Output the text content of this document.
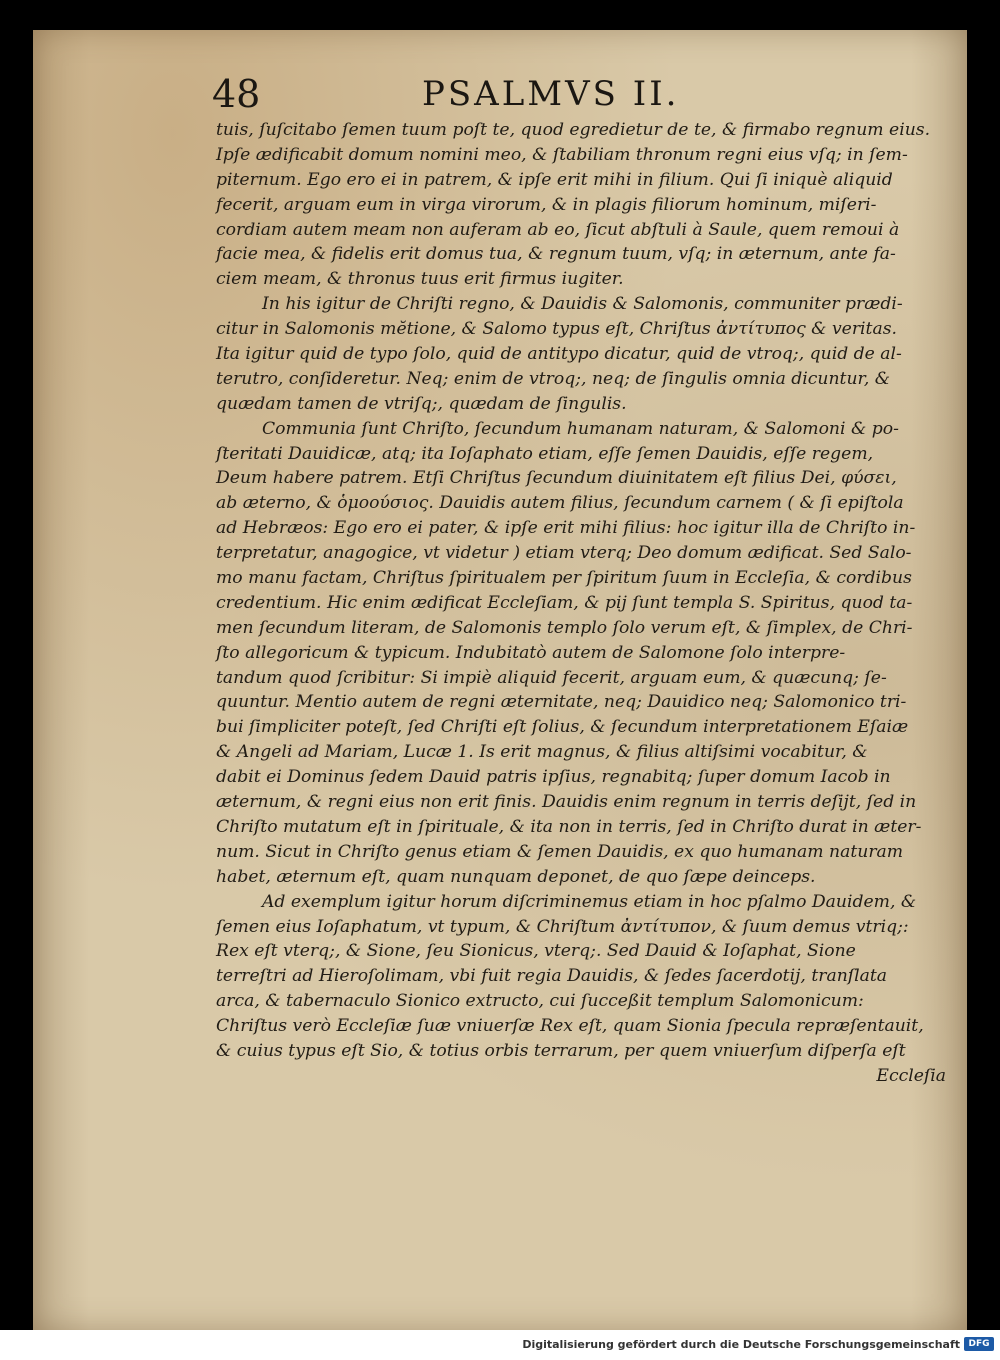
48	PSALMVS II.
tuis, ſuſcitabo ſemen tuum poſt te, quod egredietur de te, & firmabo regnum eius.
Ipſe ædificabit domum nomini meo, & ſtabiliam thronum regni eius vſq; in ſem-
piternum. Ego ero ei in patrem, & ipſe erit mihi in filium. Qui ſi iniquè aliquid
fecerit, arguam eum in virga virorum, & in plagis filiorum hominum, miſeri-
cordiam autem meam non auferam ab eo, ſicut abſtuli à Saule, quem remoui à
facie mea, & fidelis erit domus tua, & regnum tuum, vſq; in æternum, ante fa-
ciem meam, & thronus tuus erit firmus iugiter.
In his igitur de Chriſti regno, & Dauidis & Salomonis, communiter prædi-
citur in Salomonis mĕtione, & Salomo typus eſt, Chriſtus ἀντίτυπος & veritas.
Ita igitur quid de typo ſolo, quid de antitypo dicatur, quid de vtroq;, quid de al-
terutro, conſideretur. Neq; enim de vtroq;, neq; de ſingulis omnia dicuntur, &
quædam tamen de vtriſq;, quædam de ſingulis.
Communia ſunt Chriſto, ſecundum humanam naturam, & Salomoni & po-
ſteritati Dauidicæ, atq; ita Ioſaphato etiam, eſſe ſemen Dauidis, eſſe regem,
Deum habere patrem. Etſi Chriſtus ſecundum diuinitatem eſt filius Dei, φύσει,
ab æterno, & ὁμοούσιος. Dauidis autem filius, ſecundum carnem ( & ſi epiſtola
ad Hebræos: Ego ero ei pater, & ipſe erit mihi filius: hoc igitur illa de Chriſto in-
terpretatur, anagogice, vt videtur ) etiam vterq; Deo domum ædificat. Sed Salo-
mo manu factam, Chriſtus ſpiritualem per ſpiritum ſuum in Eccleſia, & cordibus
credentium. Hic enim ædificat Eccleſiam, & pij ſunt templa S. Spiritus, quod ta-
men ſecundum literam, de Salomonis templo ſolo verum eſt, & ſimplex, de Chri-
ſto allegoricum & typicum. Indubitatò autem de Salomone ſolo interpre-
tandum quod ſcribitur: Si impiè aliquid fecerit, arguam eum, & quæcunq; ſe-
quuntur. Mentio autem de regni æternitate, neq; Dauidico neq; Salomonico tri-
bui ſimpliciter poteſt, ſed Chriſti eſt ſolius, & ſecundum interpretationem Eſaiæ
& Angeli ad Mariam, Lucæ 1. Is erit magnus, & filius altiſsimi vocabitur, &
dabit ei Dominus ſedem Dauid patris ipſius, regnabitq; ſuper domum Iacob in
æternum, & regni eius non erit finis. Dauidis enim regnum in terris deſijt, ſed in
Chriſto mutatum eſt in ſpirituale, & ita non in terris, ſed in Chriſto durat in æter-
num. Sicut in Chriſto genus etiam & ſemen Dauidis, ex quo humanam naturam
habet, æternum eſt, quam nunquam deponet, de quo ſæpe deinceps.
Ad exemplum igitur horum diſcriminemus etiam in hoc pſalmo Dauidem, &
ſemen eius Ioſaphatum, vt typum, & Chriſtum ἀντίτυπον, & ſuum demus vtriq;:
Rex eſt vterq;, & Sione, ſeu Sionicus, vterq;. Sed Dauid & Ioſaphat, Sione
terreſtri ad Hieroſolimam, vbi fuit regia Dauidis, & ſedes ſacerdotij, tranſlata
arca, & tabernaculo Sionico extructo, cui ſucceßit templum Salomonicum:
Chriſtus verò Eccleſiæ ſuæ vniuerſæ Rex eſt, quam Sionia ſpecula repræſentauit,
& cuius typus eſt Sio, & totius orbis terrarum, per quem vniuerſum diſperſa eſt
Eccleſia
Digitalisierung gefördert durch die Deutsche Forschungsgemeinschaft DFG
